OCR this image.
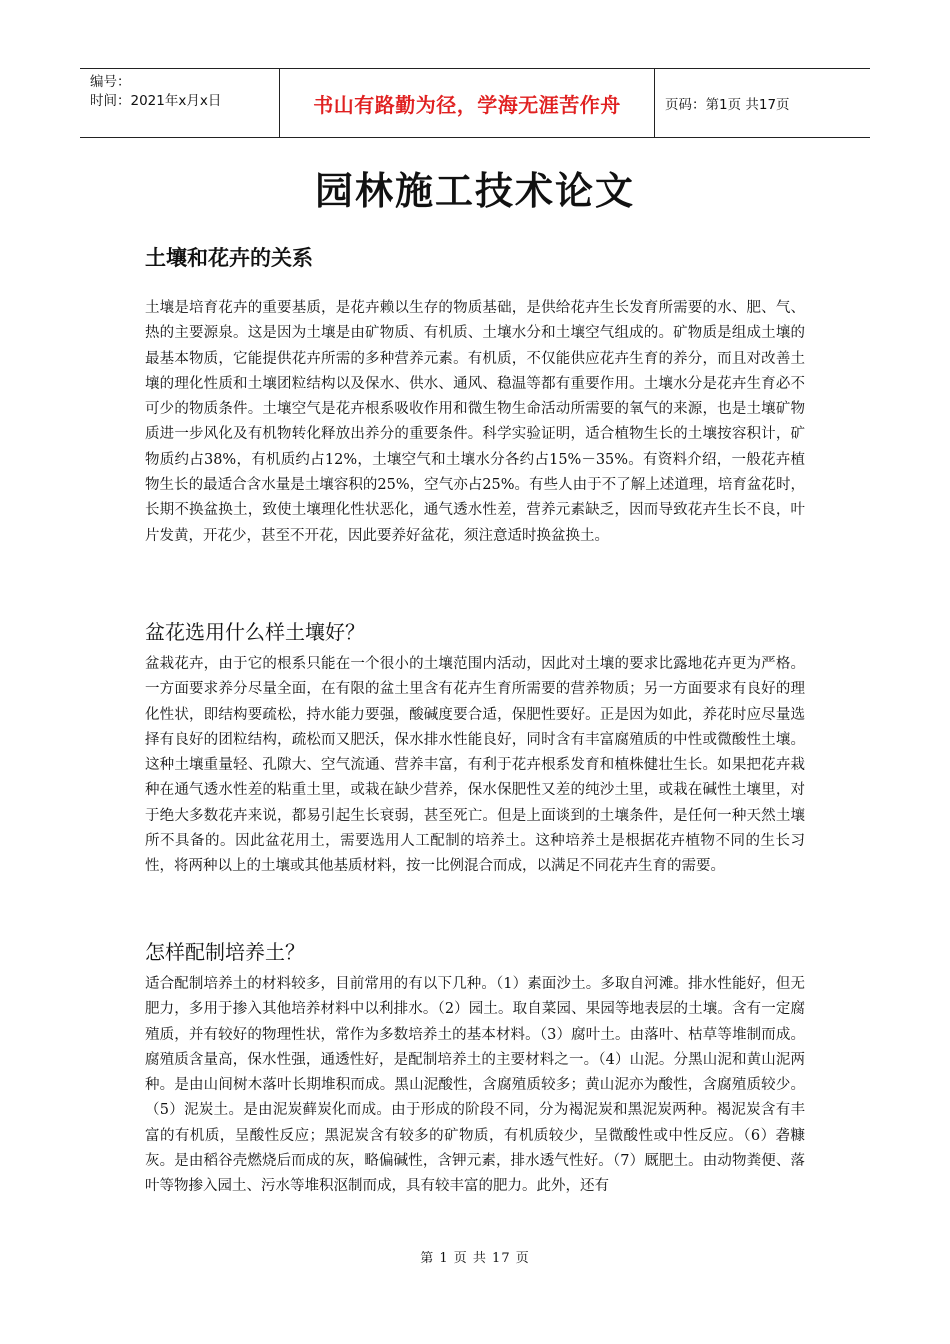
编号：
时间：2021年x月x日	书山有路勤为径，学海无涯苦作舟	页码：第1页 共17页
园林施工技术论文
土壤和花卉的关系

土壤是培育花卉的重要基质，是花卉赖以生存的物质基础，是供给花卉生长发育所需要的水、肥、气、热的主要源泉。这是因为土壤是由矿物质、有机质、土壤水分和土壤空气组成的。矿物质是组成土壤的最基本物质，它能提供花卉所需的多种营养元素。有机质，不仅能供应花卉生育的养分，而且对改善土壤的理化性质和土壤团粒结构以及保水、供水、通风、稳温等都有重要作用。土壤水分是花卉生育必不可少的物质条件。土壤空气是花卉根系吸收作用和微生物生命活动所需要的氧气的来源，也是土壤矿物质进一步风化及有机物转化释放出养分的重要条件。科学实验证明，适合植物生长的土壤按容积计，矿物质约占38%，有机质约占12%，土壤空气和土壤水分各约占15%－35%。有资料介绍，一般花卉植物生长的最适合含水量是土壤容积的25%，空气亦占25%。有些人由于不了解上述道理，培育盆花时，长期不换盆换土，致使土壤理化性状恶化，通气透水性差，营养元素缺乏，因而导致花卉生长不良，叶片发黄，开花少，甚至不开花，因此要养好盆花，须注意适时换盆换土。

盆花选用什么样土壤好？

盆栽花卉，由于它的根系只能在一个很小的土壤范围内活动，因此对土壤的要求比露地花卉更为严格。一方面要求养分尽量全面，在有限的盆土里含有花卉生育所需要的营养物质；另一方面要求有良好的理化性状，即结构要疏松，持水能力要强，酸碱度要合适，保肥性要好。正是因为如此，养花时应尽量选择有良好的团粒结构，疏松而又肥沃，保水排水性能良好，同时含有丰富腐殖质的中性或微酸性土壤。这种土壤重量轻、孔隙大、空气流通、营养丰富，有利于花卉根系发育和植株健壮生长。如果把花卉栽种在通气透水性差的粘重土里，或栽在缺少营养，保水保肥性又差的纯沙土里，或栽在碱性土壤里，对于绝大多数花卉来说，都易引起生长衰弱，甚至死亡。但是上面谈到的土壤条件，是任何一种天然土壤所不具备的。因此盆花用土，需要选用人工配制的培养土。这种培养土是根据花卉植物不同的生长习性，将两种以上的土壤或其他基质材料，按一比例混合而成，以满足不同花卉生育的需要。

怎样配制培养土？

适合配制培养土的材料较多，目前常用的有以下几种。（1）素面沙土。多取自河滩。排水性能好，但无肥力，多用于掺入其他培养材料中以利排水。（2）园土。取自菜园、果园等地表层的土壤。含有一定腐殖质，并有较好的物理性状，常作为多数培养土的基本材料。（3）腐叶土。由落叶、枯草等堆制而成。腐殖质含量高，保水性强，通透性好，是配制培养土的主要材料之一。（4）山泥。分黑山泥和黄山泥两种。是由山间树木落叶长期堆积而成。黑山泥酸性，含腐殖质较多；黄山泥亦为酸性，含腐殖质较少。（5）泥炭土。是由泥炭藓炭化而成。由于形成的阶段不同，分为褐泥炭和黑泥炭两种。褐泥炭含有丰富的有机质，呈酸性反应；黑泥炭含有较多的矿物质，有机质较少，呈微酸性或中性反应。（6）砻糠灰。是由稻谷壳燃烧后而成的灰，略偏碱性，含钾元素，排水透气性好。（7）厩肥土。由动物粪便、落叶等物掺入园土、污水等堆积沤制而成，具有较丰富的肥力。此外，还有

第 1 页 共 17 页
